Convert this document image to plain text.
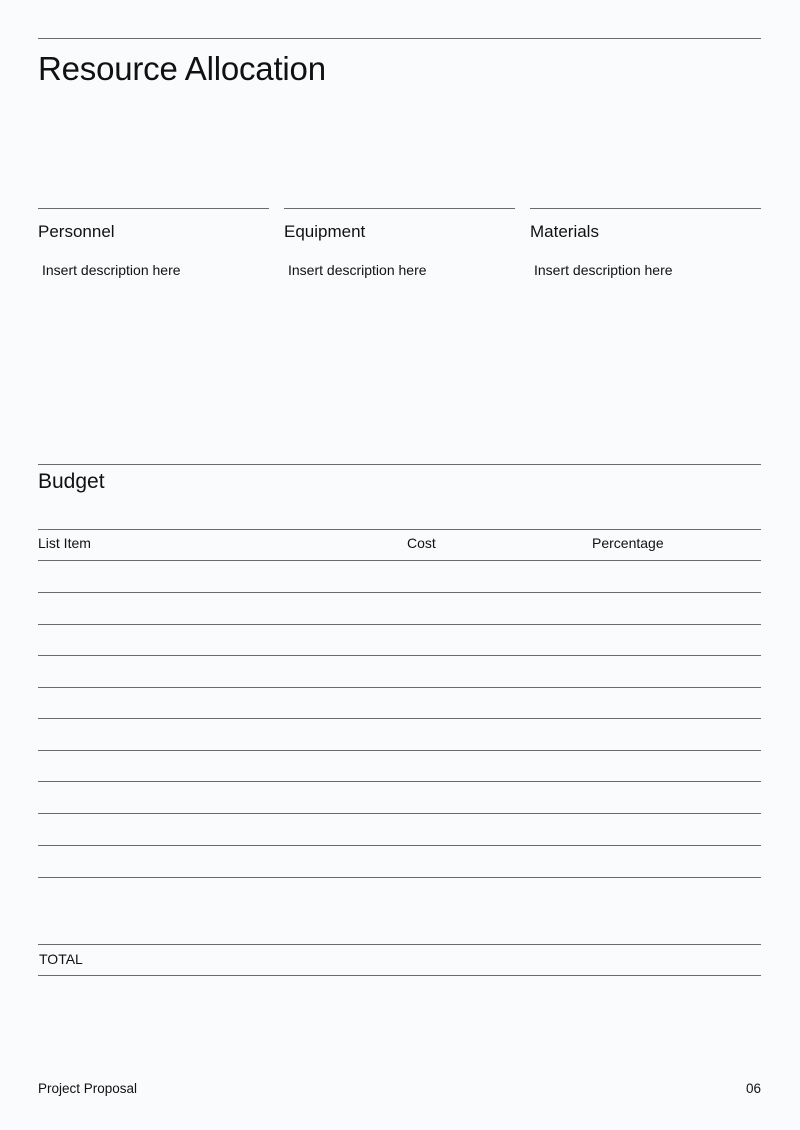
Resource Allocation
Personnel
Insert description here
Equipment
Insert description here
Materials
Insert description here
Budget
List Item	Cost	Percentage
TOTAL
Project Proposal	06
